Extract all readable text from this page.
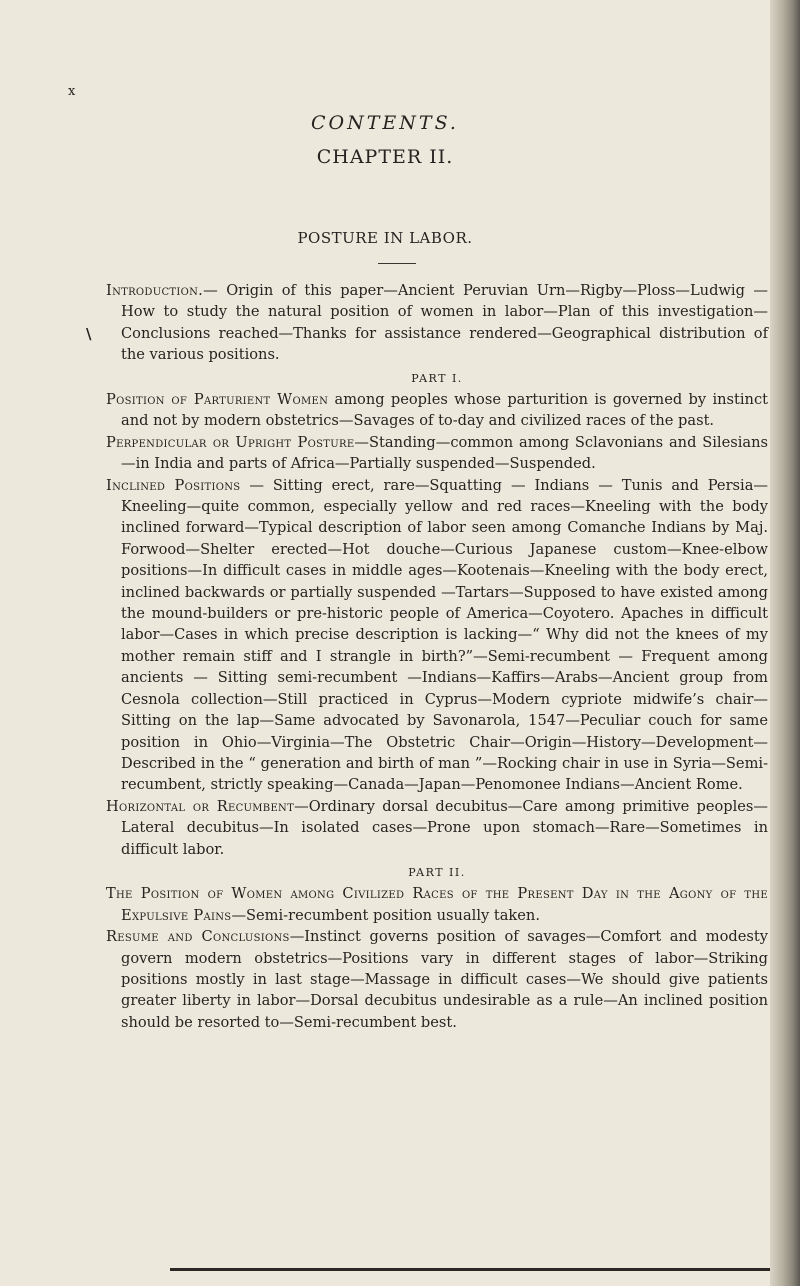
x
CONTENTS.
CHAPTER II.
POSTURE IN LABOR.
\

Introduction.— Origin of this paper—Ancient Peruvian Urn—Rigby—Ploss—Ludwig —How to study the natural position of women in labor—Plan of this investigation—Conclusions reached—Thanks for assistance rendered—Geographical distribution of the various positions.

PART I.

Position of Parturient Women among peoples whose parturition is governed by instinct and not by modern obstetrics—Savages of to-day and civilized races of the past.

Perpendicular or Upright Posture—Standing—common among Sclavonians and Silesians—in India and parts of Africa—Partially suspended—Suspended.

Inclined Positions — Sitting erect, rare—Squatting — Indians — Tunis and Persia—Kneeling—quite common, especially yellow and red races—Kneeling with the body inclined forward—Typical description of labor seen among Comanche Indians by Maj. Forwood—Shelter erected—Hot douche—Curious Japanese custom—Knee-elbow positions—In difficult cases in middle ages—Kootenais—Kneeling with the body erect, inclined backwards or partially suspended —Tartars—Supposed to have existed among the mound-builders or pre-historic people of America—Coyotero. Apaches in difficult labor—Cases in which precise description is lacking—“ Why did not the knees of my mother remain stiff and I strangle in birth?”—Semi-recumbent — Frequent among ancients — Sitting semi-recumbent —Indians—Kaffirs—Arabs—Ancient group from Cesnola collection—Still practiced in Cyprus—Modern cypriote midwife’s chair—Sitting on the lap—Same advocated by Savonarola, 1547—Peculiar couch for same position in Ohio—Virginia—The Obstetric Chair—Origin—History—Development—Described in the “ generation and birth of man ”—Rocking chair in use in Syria—Semi-recumbent, strictly speaking—Canada—Japan—Penomonee Indians—Ancient Rome.

Horizontal or Recumbent—Ordinary dorsal decubitus—Care among primitive peoples—Lateral decubitus—In isolated cases—Prone upon stomach—Rare—Sometimes in difficult labor.

PART II.

The Position of Women among Civilized Races of the Present Day in the Agony of the Expulsive Pains—Semi-recumbent position usually taken.

Resume and Conclusions—Instinct governs position of savages—Comfort and modesty govern modern obstetrics—Positions vary in different stages of labor—Striking positions mostly in last stage—Massage in difficult cases—We should give patients greater liberty in labor—Dorsal decubitus undesirable as a rule—An inclined position should be resorted to—Semi-recumbent best.
